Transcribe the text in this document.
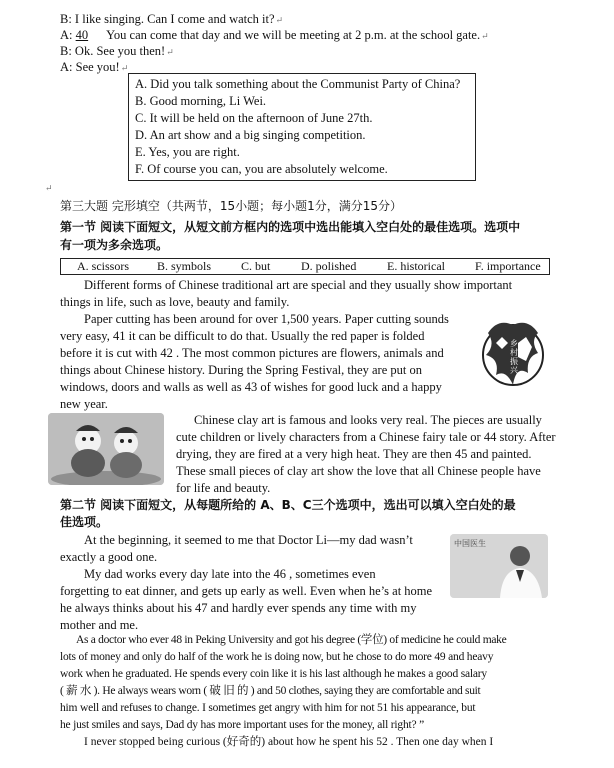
B: I like singing. Can I come and watch it?↵
A: 40 You can come that day and we will be meeting at 2 p.m. at the school gate.↵
B: Ok. See you then!↵
A: See you!↵
A. Did you talk something about the Communist Party of China?
B. Good morning, Li Wei.
C. It will be held on the afternoon of June 27th.
D. An art show and a big singing competition.
E. Yes, you are right.
F. Of course you can, you are absolutely welcome.
↵
第三大题 完形填空（共两节，15小题；每小题1分，满分15分）
第一节 阅读下面短文，从短文前方框内的选项中选出能填入空白处的最佳选项。选项中
有一项为多余选项。
A. scissors B. symbols C. but	D. polished	E. historical	F. importance
Different forms of Chinese traditional art are special and they usually show important
things in life, such as love, beauty and family.
Paper cutting has been around for over 1,500 years. Paper cutting sounds
very easy, 41 it can be difficult to do that. Usually the red paper is folded
before it is cut with 42 . The most common pictures are flowers, animals and
things about Chinese history. During the Spring Festival, they are put on
windows, doors and walls as well as 43 of wishes for good luck and a happy
new year.
乡村振兴
Chinese clay art is famous and looks very real. The pieces are usually
cute children or lively characters from a Chinese fairy tale or 44 story. After
drying, they are fired at a very high heat. They are then 45 and painted.
These small pieces of clay art show the love that all Chinese people have
for life and beauty.
第二节 阅读下面短文，从每题所给的 A、B、C三个选项中，选出可以填入空白处的最
佳选项。
At the beginning, it seemed to me that Doctor Li—my dad wasn’t
exactly a good one.
My dad works every day late into the 46 , sometimes even
forgetting to eat dinner, and gets up early as well. Even when he’s at home
he always thinks about his 47 and hardly ever spends any time with my
mother and me.
中国医生
As a doctor who ever 48 in Peking University and got his degree (学位) of medicine he could make
lots of money and only do half of the work he is doing now, but he chose to do more 49 and heavy
work when he graduated. He spends every coin like it is his last although he makes a good salary
( 薪 水 ). He always wears worn ( 破 旧 的 ) and 50 clothes, saying they are comfortable and suit
him well and refuses to change. I sometimes get angry with him for not 51 his appearance, but
he just smiles and says, Dad dy has more important uses for the money, all right? ”
I never stopped being curious (好奇的) about how he spent his 52 . Then one day when I
